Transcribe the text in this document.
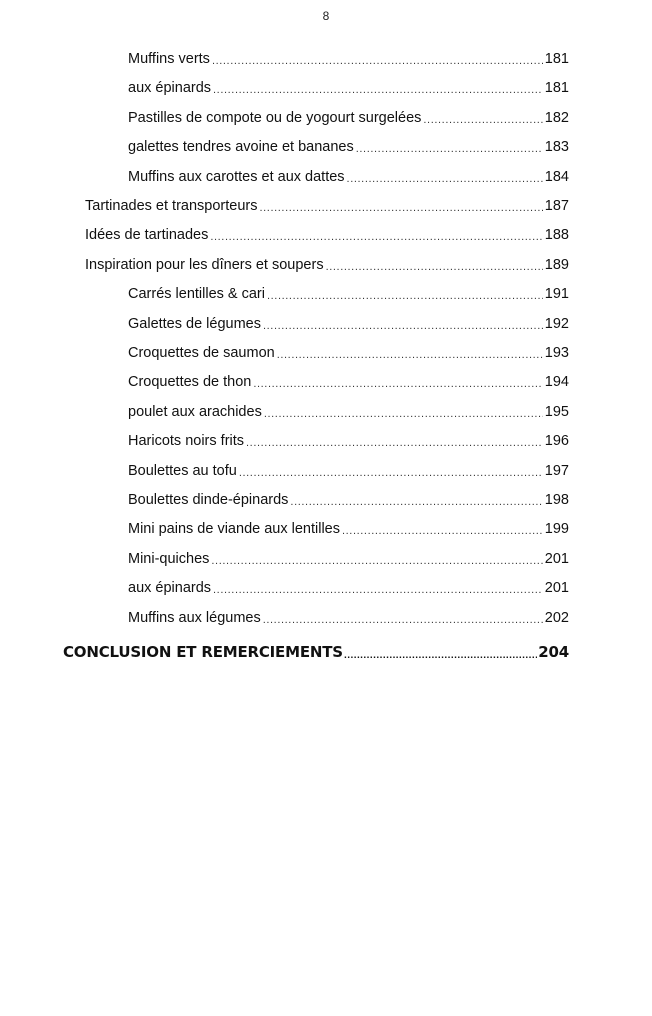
8
Muffins verts .....	181
aux épinards .....	181
Pastilles de compote ou de yogourt surgelées .....	182
galettes tendres avoine et bananes .....	183
Muffins aux carottes et aux dattes .....	184
Tartinades et transporteurs .....	187
Idées de tartinades .....	188
Inspiration pour les dîners et soupers .....	189
Carrés lentilles & cari .....	191
Galettes de légumes .....	192
Croquettes de saumon .....	193
Croquettes de thon .....	194
poulet aux arachides .....	195
Haricots noirs frits .....	196
Boulettes au tofu .....	197
Boulettes dinde-épinards .....	198
Mini pains de viande aux lentilles .....	199
Mini-quiches .....	201
aux épinards .....	201
Muffins aux légumes .....	202
CONCLUSION ET REMERCIEMENTS .....	204
